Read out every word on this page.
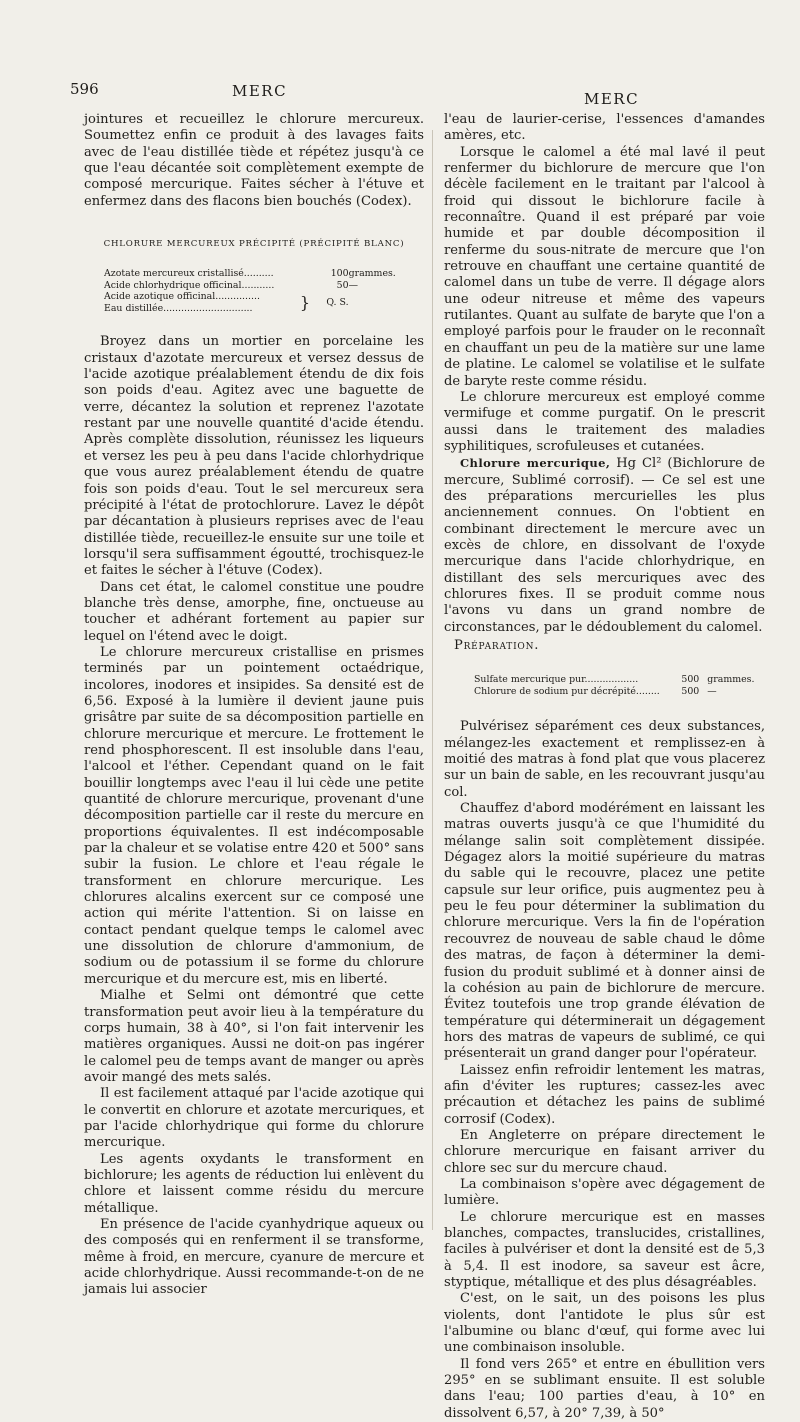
596	MERC	MERC

jointures et recueillez le chlorure mercureux. Soumettez enfin ce produit à des lavages faits avec de l'eau distillée tiède et répétez jusqu'à ce que l'eau décantée soit complètement exempte de composé mercurique. Faites sécher à l'étuve et enfermez dans des flacons bien bouchés (Codex).

CHLORURE MERCUREUX PRÉCIPITÉ (PRÉCIPITÉ BLANC)
Azotate mercureux cristallisé..........		100	grammes.
Acide chlorhydrique officinal...........		50	—
Acide azotique officinal...............	}	Q. S.	
Eau distillée..............................			

Broyez dans un mortier en porcelaine les cristaux d'azotate mercureux et versez dessus de l'acide azotique préalablement étendu de dix fois son poids d'eau. Agitez avec une baguette de verre, décantez la solution et reprenez l'azotate restant par une nouvelle quantité d'acide étendu. Après complète dissolution, réunissez les liqueurs et versez les peu à peu dans l'acide chlorhydrique que vous aurez préalablement étendu de quatre fois son poids d'eau. Tout le sel mercureux sera précipité à l'état de protochlorure. Lavez le dépôt par décantation à plusieurs reprises avec de l'eau distillée tiède, recueillez-le ensuite sur une toile et lorsqu'il sera suffisamment égoutté, trochisquez-le et faites le sécher à l'étuve (Codex).

Dans cet état, le calomel constitue une poudre blanche très dense, amorphe, fine, onctueuse au toucher et adhérant fortement au papier sur lequel on l'étend avec le doigt.

Le chlorure mercureux cristallise en prismes terminés par un pointement octaédrique, incolores, inodores et insipides. Sa densité est de 6,56. Exposé à la lumière il devient jaune puis grisâtre par suite de sa décomposition partielle en chlorure mercurique et mercure. Le frottement le rend phosphorescent. Il est insoluble dans l'eau, l'alcool et l'éther. Cependant quand on le fait bouillir longtemps avec l'eau il lui cède une petite quantité de chlorure mercurique, provenant d'une décomposition partielle car il reste du mercure en proportions équivalentes. Il est indécomposable par la chaleur et se volatise entre 420 et 500° sans subir la fusion. Le chlore et l'eau régale le transforment en chlorure mercurique. Les chlorures alcalins exercent sur ce composé une action qui mérite l'attention. Si on laisse en contact pendant quelque temps le calomel avec une dissolution de chlorure d'ammonium, de sodium ou de potassium il se forme du chlorure mercurique et du mercure est, mis en liberté.

Mialhe et Selmi ont démontré que cette transformation peut avoir lieu à la température du corps humain, 38 à 40°, si l'on fait intervenir les matières organiques. Aussi ne doit-on pas ingérer le calomel peu de temps avant de manger ou après avoir mangé des mets salés.

Il est facilement attaqué par l'acide azotique qui le convertit en chlorure et azotate mercuriques, et par l'acide chlorhydrique qui forme du chlorure mercurique.

Les agents oxydants le transforment en bichlorure; les agents de réduction lui enlèvent du chlore et laissent comme résidu du mercure métallique.

En présence de l'acide cyanhydrique aqueux ou des composés qui en renferment il se transforme, même à froid, en mercure, cyanure de mercure et acide chlorhydrique. Aussi recommande-t-on de ne jamais lui associer

l'eau de laurier-cerise, l'essences d'amandes amères, etc.

Lorsque le calomel a été mal lavé il peut renfermer du bichlorure de mercure que l'on décèle facilement en le traitant par l'alcool à froid qui dissout le bichlorure facile à reconnaître. Quand il est préparé par voie humide et par double décomposition il renferme du sous-nitrate de mercure que l'on retrouve en chauffant une certaine quantité de calomel dans un tube de verre. Il dégage alors une odeur nitreuse et même des vapeurs rutilantes. Quant au sulfate de baryte que l'on a employé parfois pour le frauder on le reconnaît en chauffant un peu de la matière sur une lame de platine. Le calomel se volatilise et le sulfate de baryte reste comme résidu.

Le chlorure mercureux est employé comme vermifuge et comme purgatif. On le prescrit aussi dans le traitement des maladies syphilitiques, scrofuleuses et cutanées.

Chlorure mercurique, Hg Cl² (Bichlorure de mercure, Sublimé corrosif). — Ce sel est une des préparations mercurielles les plus anciennement connues. On l'obtient en combinant directement le mercure avec un excès de chlore, en dissolvant de l'oxyde mercurique dans l'acide chlorhydrique, en distillant des sels mercuriques avec des chlorures fixes. Il se produit comme nous l'avons vu dans un grand nombre de circonstances, par le dédoublement du calomel.

Préparation.

Sulfate mercurique pur..................	500	grammes.
Chlorure de sodium pur décrépité........	500	—

Pulvérisez séparément ces deux substances, mélangez-les exactement et remplissez-en à moitié des matras à fond plat que vous placerez sur un bain de sable, en les recouvrant jusqu'au col.

Chauffez d'abord modérément en laissant les matras ouverts jusqu'à ce que l'humidité du mélange salin soit complètement dissipée. Dégagez alors la moitié supérieure du matras du sable qui le recouvre, placez une petite capsule sur leur orifice, puis augmentez peu à peu le feu pour déterminer la sublimation du chlorure mercurique. Vers la fin de l'opération recouvrez de nouveau de sable chaud le dôme des matras, de façon à déterminer la demi-fusion du produit sublimé et à donner ainsi de la cohésion au pain de bichlorure de mercure. Évitez toutefois une trop grande élévation de température qui déterminerait un dégagement hors des matras de vapeurs de sublimé, ce qui présenterait un grand danger pour l'opérateur.

Laissez enfin refroidir lentement les matras, afin d'éviter les ruptures; cassez-les avec précaution et détachez les pains de sublimé corrosif (Codex).

En Angleterre on prépare directement le chlorure mercurique en faisant arriver du chlore sec sur du mercure chaud.

La combinaison s'opère avec dégagement de lumière.

Le chlorure mercurique est en masses blanches, compactes, translucides, cristallines, faciles à pulvériser et dont la densité est de 5,3 à 5,4. Il est inodore, sa saveur est âcre, styptique, métallique et des plus désagréables.

C'est, on le sait, un des poisons les plus violents, dont l'antidote le plus sûr est l'albumine ou blanc d'œuf, qui forme avec lui une combinaison insoluble.

Il fond vers 265° et entre en ébullition vers 295° en se sublimant ensuite. Il est soluble dans l'eau; 100 parties d'eau, à 10° en dissolvent 6,57, à 20° 7,39, à 50°
